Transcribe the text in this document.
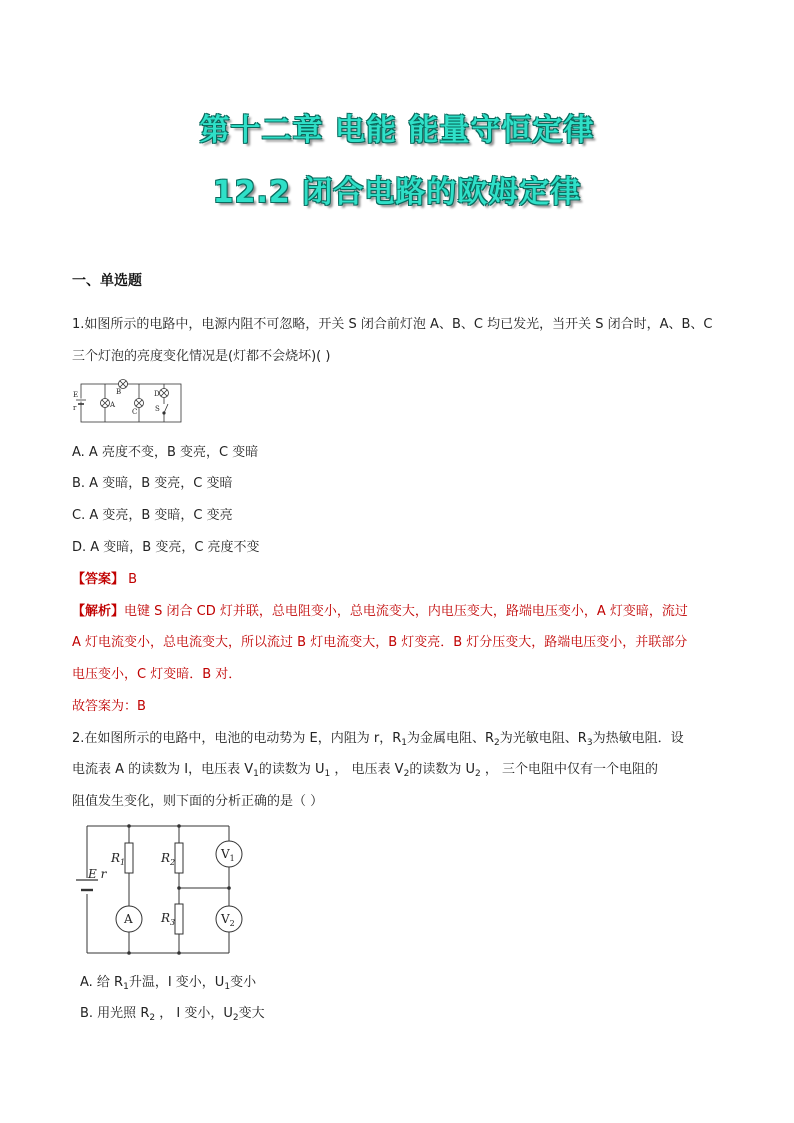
第十二章 电能 能量守恒定律
12.2 闭合电路的欧姆定律
一、单选题
1.如图所示的电路中，电源内阻不可忽略，开关 S 闭合前灯泡 A、B、C 均已发光，当开关 S 闭合时，A、B、C
三个灯泡的亮度变化情况是(灯都不会烧坏)( )
E
r	A
B
C
D
S
A. A 亮度不变，B 变亮，C 变暗
B. A 变暗，B 变亮，C 变暗
C. A 变亮，B 变暗，C 变亮
D. A 变暗，B 变亮，C 亮度不变
【答案】 B
【解析】电键 S 闭合 CD 灯并联，总电阻变小，总电流变大，内电压变大，路端电压变小，A 灯变暗，流过
A 灯电流变小，总电流变大，所以流过 B 灯电流变大，B 灯变亮．B 灯分压变大，路端电压变小，并联部分
电压变小，C 灯变暗．B 对．
故答案为：B
2.在如图所示的电路中，电池的电动势为 E，内阻为 r，$R_1$为金属电阻、$R_2$为光敏电阻、$R_3$为热敏电阻．设
电流表 A 的读数为 I，电压表 $V_1$的读数为 $U_1$ ， 电压表 $V_2$的读数为 $U_2$ ， 三个电阻中仅有一个电阻的
阻值发生变化，则下面的分析正确的是（ ）
$R_1$	$R_2$
$R_3$
E r
A
$V_1$
$V_2$
A. 给 $R_1$升温，I 变小，$U_1$变小
B. 用光照 $R_2$ ， I 变小，$U_2$变大
